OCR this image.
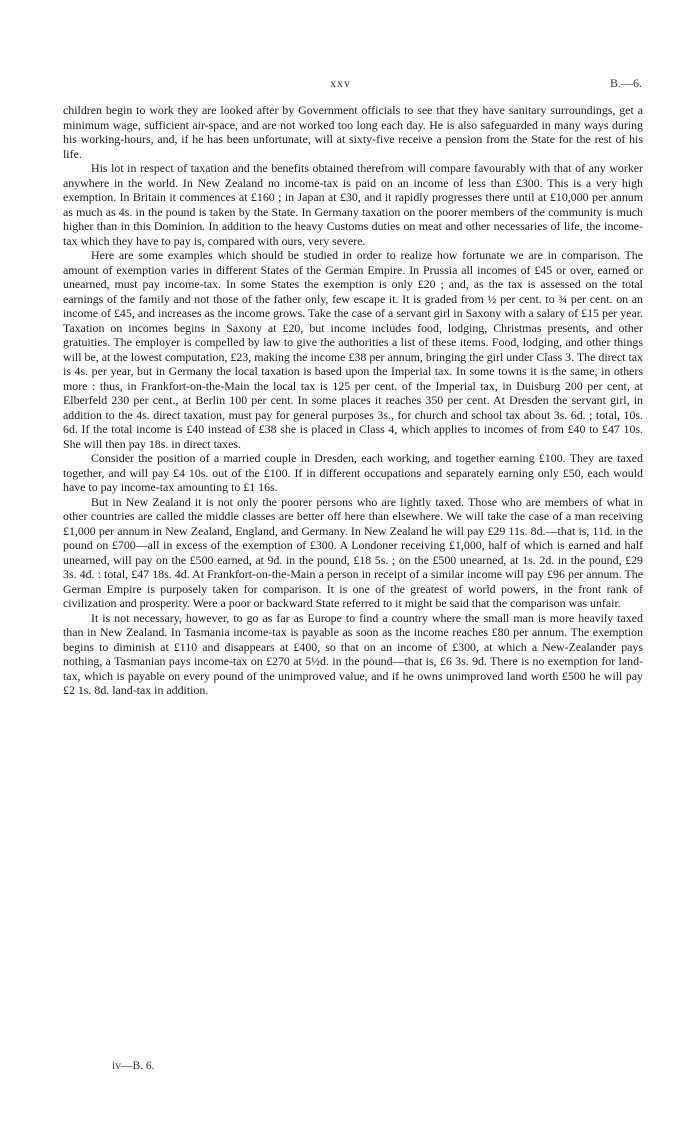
xxv	B.—6.

children begin to work they are looked after by Government officials to see that they have sanitary surroundings, get a minimum wage, sufficient air-space, and are not worked too long each day. He is also safeguarded in many ways during his working-hours, and, if he has been unfortunate, will at sixty-five receive a pension from the State for the rest of his life.

His lot in respect of taxation and the benefits obtained therefrom will compare favourably with that of any worker anywhere in the world. In New Zealand no income-tax is paid on an income of less than £300. This is a very high exemption. In Britain it commences at £160 ; in Japan at £30, and it rapidly progresses there until at £10,000 per annum as much as 4s. in the pound is taken by the State. In Germany taxation on the poorer members of the community is much higher than in this Dominion. In addition to the heavy Customs duties on meat and other necessaries of life, the income-tax which they have to pay is, compared with ours, very severe.

Here are some examples which should be studied in order to realize how fortunate we are in comparison. The amount of exemption varies in different States of the German Empire. In Prussia all incomes of £45 or over, earned or unearned, must pay income-tax. In some States the exemption is only £20 ; and, as the tax is assessed on the total earnings of the family and not those of the father only, few escape it. It is graded from ½ per cent. to ¾ per cent. on an income of £45, and increases as the income grows. Take the case of a servant girl in Saxony with a salary of £15 per year. Taxation on incomes begins in Saxony at £20, but income includes food, lodging, Christmas presents, and other gratuities. The employer is compelled by law to give the authorities a list of these items. Food, lodging, and other things will be, at the lowest computation, £23, making the income £38 per annum, bringing the girl under Class 3. The direct tax is 4s. per year, but in Germany the local taxation is based upon the Imperial tax. In some towns it is the same, in others more : thus, in Frankfort-on-the-Main the local tax is 125 per cent. of the Imperial tax, in Duisburg 200 per cent, at Elberfeld 230 per cent., at Berlin 100 per cent. In some places it reaches 350 per cent. At Dresden the servant girl, in addition to the 4s. direct taxation, must pay for general purposes 3s., for church and school tax about 3s. 6d. ; total, 10s. 6d. If the total income is £40 instead of £38 she is placed in Class 4, which applies to incomes of from £40 to £47 10s. She will then pay 18s. in direct taxes.

Consider the position of a married couple in Dresden, each working, and together earning £100. They are taxed together, and will pay £4 10s. out of the £100. If in different occupations and separately earning only £50, each would have to pay income-tax amounting to £1 16s.

But in New Zealand it is not only the poorer persons who are lightly taxed. Those who are members of what in other countries are called the middle classes are better off here than elsewhere. We will take the case of a man receiving £1,000 per annum in New Zealand, England, and Germany. In New Zealand he will pay £29 11s. 8d.—that is, 11d. in the pound on £700—all in excess of the exemption of £300. A Londoner receiving £1,000, half of which is earned and half unearned, will pay on the £500 earned, at 9d. in the pound, £18 5s. ; on the £500 unearned, at 1s. 2d. in the pound, £29 3s. 4d. : total, £47 18s. 4d. At Frankfort-on-the-Main a person in receipt of a similar income will pay £96 per annum. The German Empire is purposely taken for comparison. It is one of the greatest of world powers, in the front rank of civilization and prosperity. Were a poor or backward State referred to it might be said that the comparison was unfair.

It is not necessary, however, to go as far as Europe to find a country where the small man is more heavily taxed than in New Zealand. In Tasmania income-tax is payable as soon as the income reaches £80 per annum. The exemption begins to diminish at £110 and disappears at £400, so that on an income of £300, at which a New-Zealander pays nothing, a Tasmanian pays income-tax on £270 at 5½d. in the pound—that is, £6 3s. 9d. There is no exemption for land-tax, which is payable on every pound of the unimproved value, and if he owns unimproved land worth £500 he will pay £2 1s. 8d. land-tax in addition.

iv—B. 6.
